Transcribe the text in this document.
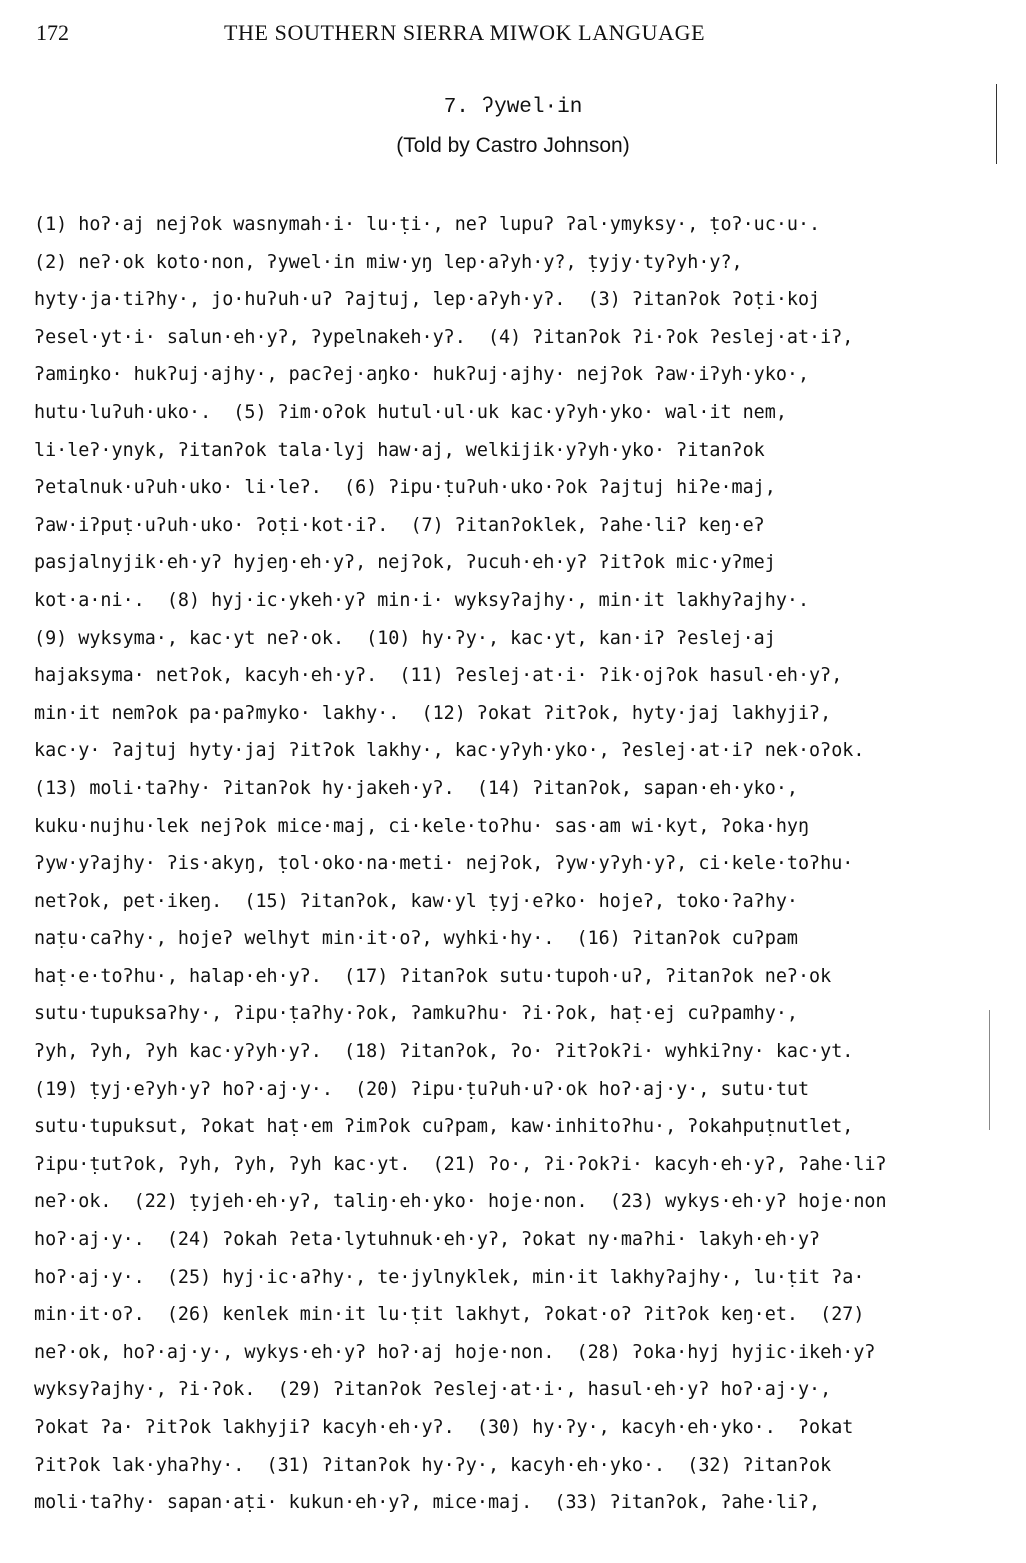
172	THE SOUTHERN SIERRA MIWOK LANGUAGE
7. ʔywel·in
(Told by Castro Johnson)
(1) hoʔ·aj nejʔok wasnymah·i· lu·ṭi·, neʔ lupuʔ ʔal·ymyksy·, ṭoʔ·uc·u·.
(2) neʔ·ok koto·non, ʔywel·in miw·yŋ lep·aʔyh·y?, ṭyjy·tyʔyh·y?,
hyty·ja·tiʔhy·, jo·huʔuh·uʔ ʔajtuj, lep·aʔyh·yʔ.  (3) ʔitanʔok ʔoṭi·koj
ʔesel·yt·i· salun·eh·yʔ, ʔypelnakeh·yʔ.  (4) ʔitanʔok ʔi·ʔok ʔeslej·at·iʔ,
ʔamiŋko· hukʔuj·ajhy·, pacʔej·aŋko· hukʔuj·ajhy· nejʔok ʔaw·iʔyh·yko·,
hutu·luʔuh·uko·.  (5) ʔim·oʔok hutul·ul·uk kac·yʔyh·yko· wal·it nem,
li·leʔ·ynyk, ʔitanʔok tala·lyj haw·aj, welkijik·yʔyh·yko· ʔitanʔok
ʔetalnuk·uʔuh·uko· li·leʔ.  (6) ʔipu·ṭuʔuh·uko·ʔok ʔajtuj hiʔe·maj,
ʔaw·iʔpuṭ·uʔuh·uko· ʔoṭi·kot·iʔ.  (7) ʔitanʔoklek, ʔahe·liʔ keŋ·eʔ
pasjalnyjik·eh·yʔ hyjeŋ·eh·yʔ, nejʔok, ʔucuh·eh·yʔ ʔitʔok mic·yʔmej
kot·a·ni·.  (8) hyj·ic·ykeh·yʔ min·i· wyksyʔajhy·, min·it lakhyʔajhy·.
(9) wyksyma·, kac·yt neʔ·ok.  (10) hy·ʔy·, kac·yt, kan·iʔ ʔeslej·aj
hajaksyma· netʔok, kacyh·eh·yʔ.  (11) ʔeslej·at·i· ʔik·ojʔok hasul·eh·yʔ,
min·it nemʔok pa·paʔmyko· lakhy·.  (12) ʔokat ʔitʔok, hyty·jaj lakhyjiʔ,
kac·y· ʔajtuj hyty·jaj ʔitʔok lakhy·, kac·yʔyh·yko·, ʔeslej·at·iʔ nek·oʔok.
(13) moli·taʔhy· ʔitanʔok hy·jakeh·yʔ.  (14) ʔitanʔok, sapan·eh·yko·,
kuku·nujhu·lek nejʔok mice·maj, ci·kele·toʔhu· sas·am wi·kyt, ʔoka·hyŋ
ʔyw·yʔajhy· ʔis·akyŋ, ṭol·oko·na·meti· nejʔok, ʔyw·yʔyh·yʔ, ci·kele·toʔhu·
netʔok, pet·ikeŋ.  (15) ʔitanʔok, kaw·yl ṭyj·eʔko· hojeʔ, toko·ʔaʔhy·
naṭu·caʔhy·, hojeʔ welhyt min·it·oʔ, wyhki·hy·.  (16) ʔitanʔok cuʔpam
haṭ·e·toʔhu·, halap·eh·yʔ.  (17) ʔitanʔok sutu·tupoh·uʔ, ʔitanʔok neʔ·ok
sutu·tupuksaʔhy·, ʔipu·ṭaʔhy·ʔok, ʔamkuʔhu· ʔi·ʔok, haṭ·ej cuʔpamhy·,
ʔyh, ʔyh, ʔyh kac·yʔyh·yʔ.  (18) ʔitanʔok, ʔo· ʔitʔokʔi· wyhkiʔny· kac·yt.
(19) ṭyj·eʔyh·yʔ hoʔ·aj·y·.  (20) ʔipu·ṭuʔuh·uʔ·ok hoʔ·aj·y·, sutu·tut
sutu·tupuksut, ʔokat haṭ·em ʔimʔok cuʔpam, kaw·inhitoʔhu·, ʔokahpuṭnutlet,
ʔipu·ṭutʔok, ʔyh, ʔyh, ʔyh kac·yt.  (21) ʔo·, ʔi·ʔokʔi· kacyh·eh·yʔ, ʔahe·liʔ
neʔ·ok.  (22) ṭyjeh·eh·yʔ, taliŋ·eh·yko· hoje·non.  (23) wykys·eh·yʔ hoje·non
hoʔ·aj·y·.  (24) ʔokah ʔeta·lytuhnuk·eh·yʔ, ʔokat ny·maʔhi· lakyh·eh·yʔ
hoʔ·aj·y·.  (25) hyj·ic·aʔhy·, te·jylnyklek, min·it lakhyʔajhy·, lu·ṭit ʔa·
min·it·oʔ.  (26) kenlek min·it lu·ṭit lakhyt, ʔokat·oʔ ʔitʔok keŋ·et.  (27)
neʔ·ok, hoʔ·aj·y·, wykys·eh·yʔ hoʔ·aj hoje·non.  (28) ʔoka·hyj hyjic·ikeh·yʔ
wyksyʔajhy·, ʔi·ʔok.  (29) ʔitanʔok ʔeslej·at·i·, hasul·eh·yʔ hoʔ·aj·y·,
ʔokat ʔa· ʔitʔok lakhyjiʔ kacyh·eh·yʔ.  (30) hy·ʔy·, kacyh·eh·yko·.  ʔokat
ʔitʔok lak·yhaʔhy·.  (31) ʔitanʔok hy·ʔy·, kacyh·eh·yko·.  (32) ʔitanʔok
moli·taʔhy· sapan·aṭi· kukun·eh·yʔ, mice·maj.  (33) ʔitanʔok, ʔahe·liʔ,
